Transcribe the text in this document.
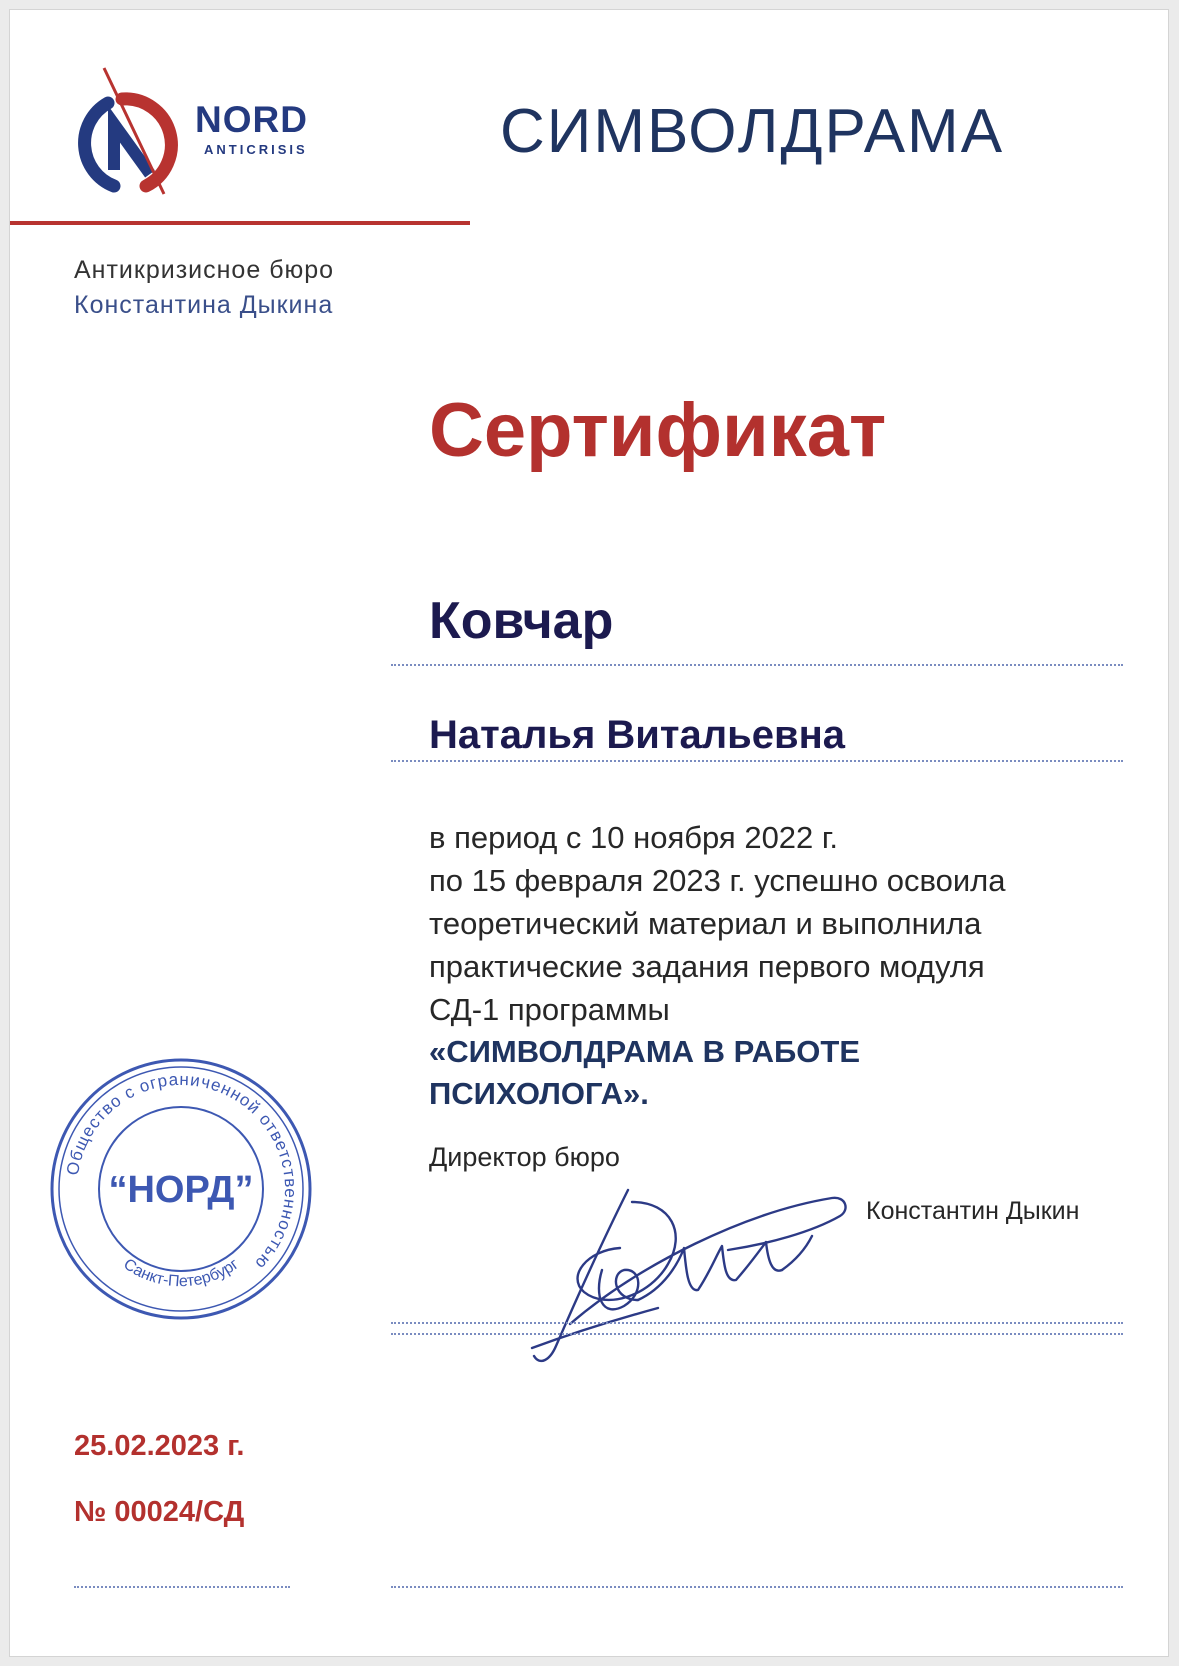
NORD
ANTICRISIS
Антикризисное бюро
Константина Дыкина
СИМВОЛДРАМА
Сертификат
Ковчар
Наталья Витальевна
в период с 10 ноября 2022 г.
по 15 февраля 2023 г. успешно освоила
теоретический материал и выполнила
практические задания первого модуля
СД-1 программы
«СИМВОЛДРАМА В РАБОТЕ
ПСИХОЛОГА».
Директор бюро
Константин Дыкин
Общество с ограниченной ответственностью
Санкт-Петербург
“НОРД”
25.02.2023 г.
№ 00024/СД
